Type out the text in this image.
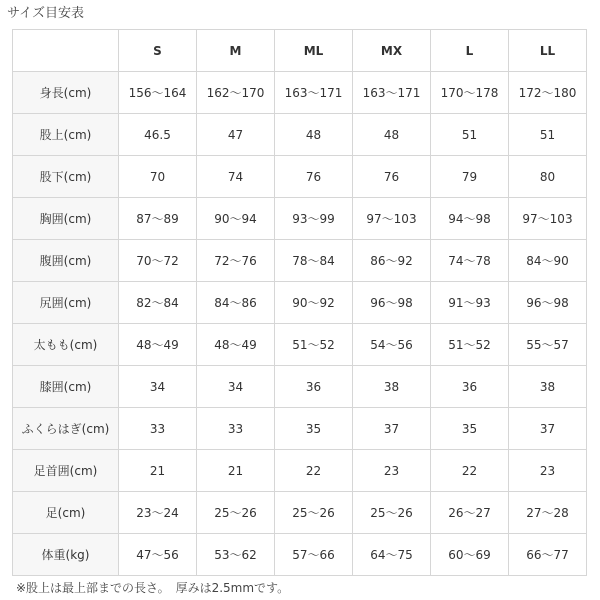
サイズ目安表
	S	M	ML	MX	L	LL
身長(cm)	156〜164	162〜170	163〜171	163〜171	170〜178	172〜180
股上(cm)	46.5	47	48	48	51	51
股下(cm)	70	74	76	76	79	80
胸囲(cm)	87〜89	90〜94	93〜99	97〜103	94〜98	97〜103
腹囲(cm)	70〜72	72〜76	78〜84	86〜92	74〜78	84〜90
尻囲(cm)	82〜84	84〜86	90〜92	96〜98	91〜93	96〜98
太もも(cm)	48〜49	48〜49	51〜52	54〜56	51〜52	55〜57
膝囲(cm)	34	34	36	38	36	38
ふくらはぎ(cm)	33	33	35	37	35	37
足首囲(cm)	21	21	22	23	22	23
足(cm)	23〜24	25〜26	25〜26	25〜26	26〜27	27〜28
体重(kg)	47〜56	53〜62	57〜66	64〜75	60〜69	66〜77
※股上は最上部までの長さ。　厚みは2.5mmです。
